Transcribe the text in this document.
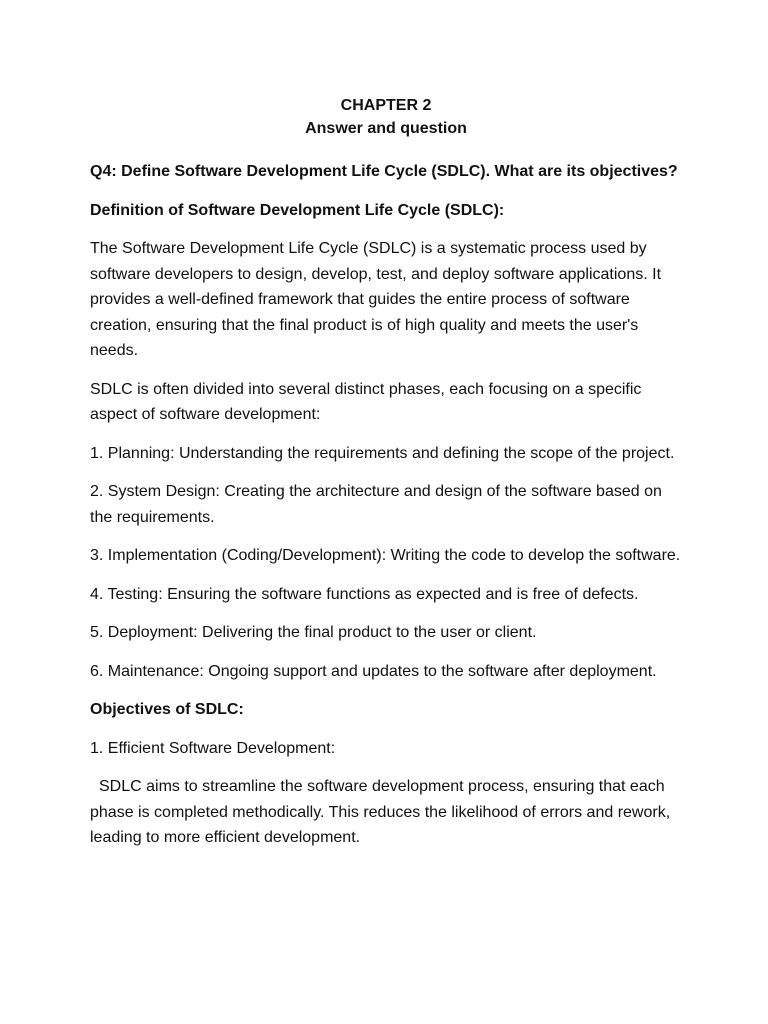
CHAPTER 2
Answer and question

Q4: Define Software Development Life Cycle (SDLC). What are its objectives?

Definition of Software Development Life Cycle (SDLC):

The Software Development Life Cycle (SDLC) is a systematic process used by software developers to design, develop, test, and deploy software applications. It provides a well-defined framework that guides the entire process of software creation, ensuring that the final product is of high quality and meets the user's needs.

SDLC is often divided into several distinct phases, each focusing on a specific aspect of software development:

1. Planning: Understanding the requirements and defining the scope of the project.

2. System Design: Creating the architecture and design of the software based on the requirements.

3. Implementation (Coding/Development): Writing the code to develop the software.

4. Testing: Ensuring the software functions as expected and is free of defects.

5. Deployment: Delivering the final product to the user or client.

6. Maintenance: Ongoing support and updates to the software after deployment.

Objectives of SDLC:

1. Efficient Software Development:

SDLC aims to streamline the software development process, ensuring that each phase is completed methodically. This reduces the likelihood of errors and rework, leading to more efficient development.
